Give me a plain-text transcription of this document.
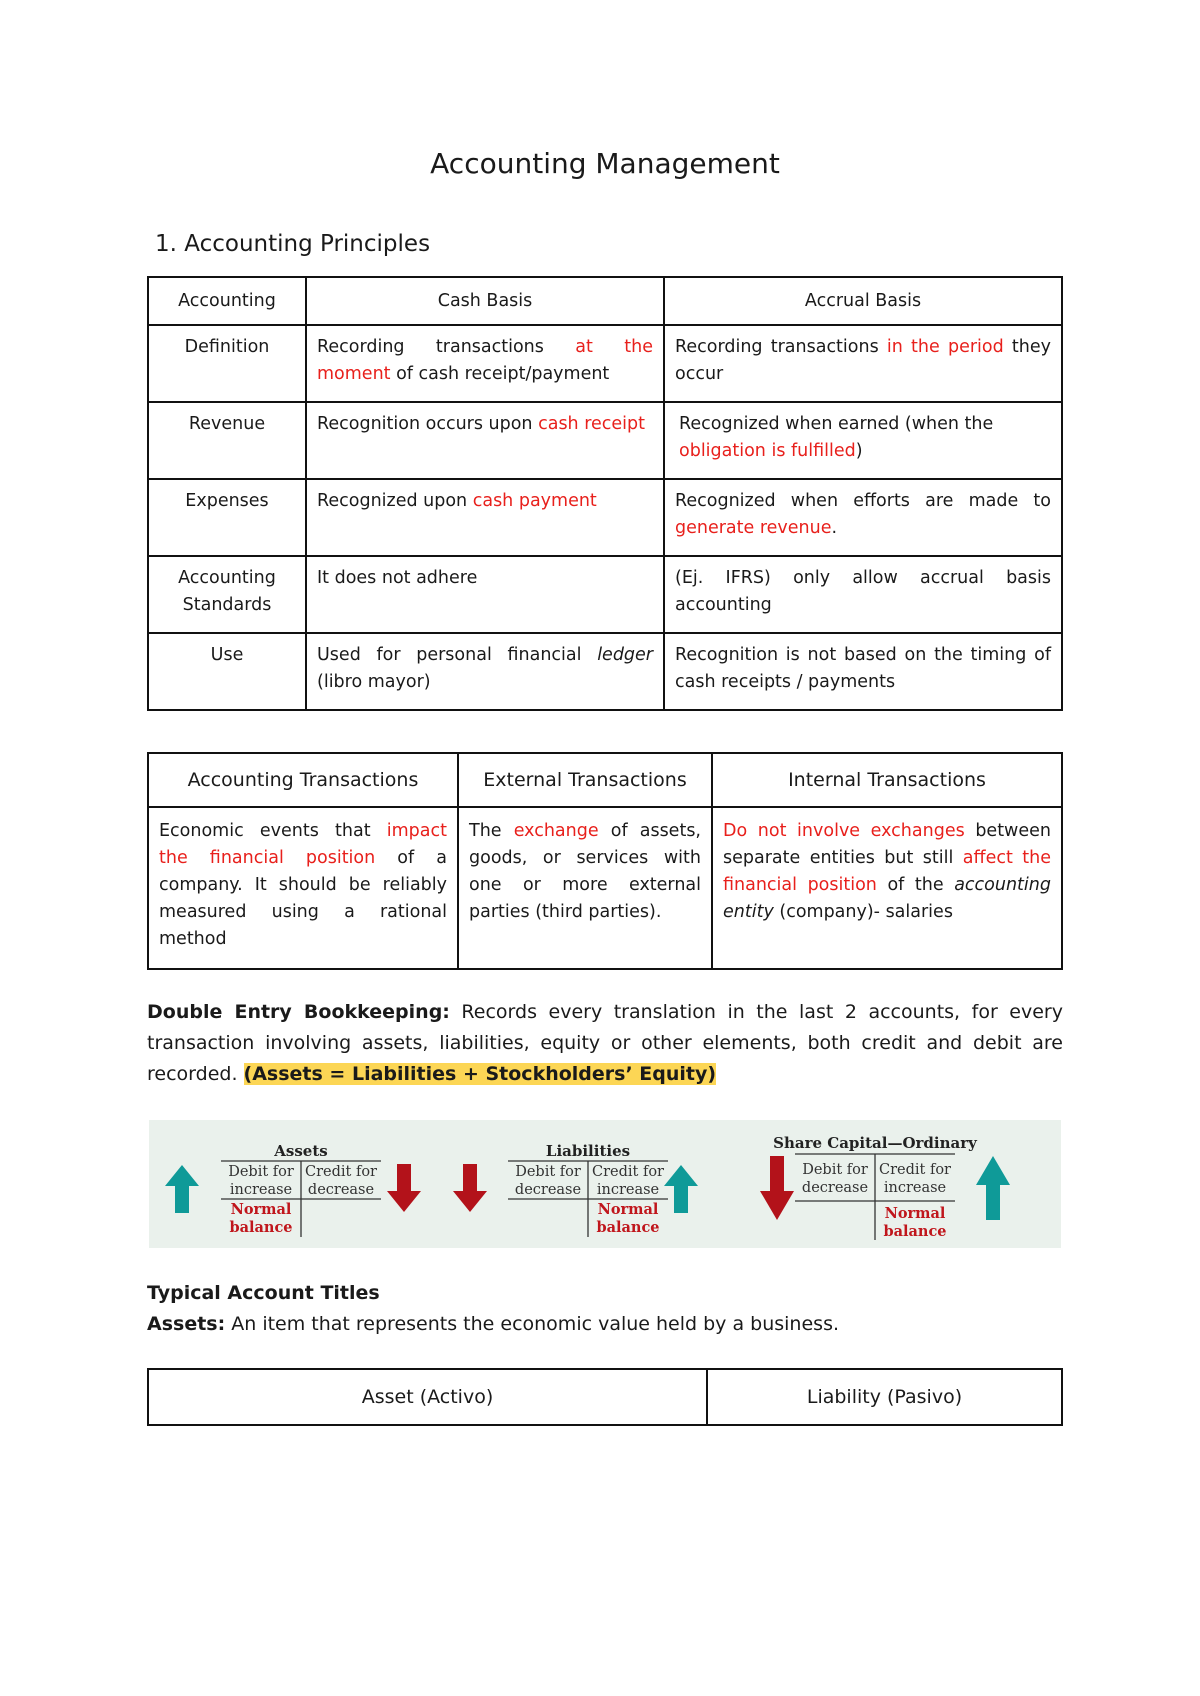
Accounting Management
1. Accounting Principles
Accounting	Cash Basis	Accrual Basis
Definition	Recording transactions at the moment of cash receipt/payment	Recording transactions in the period they occur
Revenue	Recognition occurs upon cash receipt	Recognized when earned (when the obligation is fulfilled)
Expenses	Recognized upon cash payment	Recognized when efforts are made to generate revenue.
Accounting Standards	It does not adhere	(Ej. IFRS) only allow accrual basis accounting
Use	Used for personal financial ledger (libro mayor)	Recognition is not based on the timing of cash receipts / payments
Accounting Transactions	External Transactions	Internal Transactions
Economic events that impact the financial position of a company. It should be reliably measured using a rational method	The exchange of assets, goods, or services with one or more external parties (third parties).	Do not involve exchanges between separate entities but still affect the financial position of the accounting entity (company)- salaries
Double Entry Bookkeeping: Records every translation in the last 2 accounts, for every transaction involving assets, liabilities, equity or other elements, both credit and debit are recorded. (Assets = Liabilities + Stockholders’ Equity)
Assets
Debit for increase
Credit for decrease
Normal balance
Liabilities
Debit for decrease
Credit for increase
Normal balance
Share Capital—Ordinary
Debit for decrease
Credit for increase
Normal balance
Typical Account Titles
Assets: An item that represents the economic value held by a business.
Asset (Activo)	Liability (Pasivo)
